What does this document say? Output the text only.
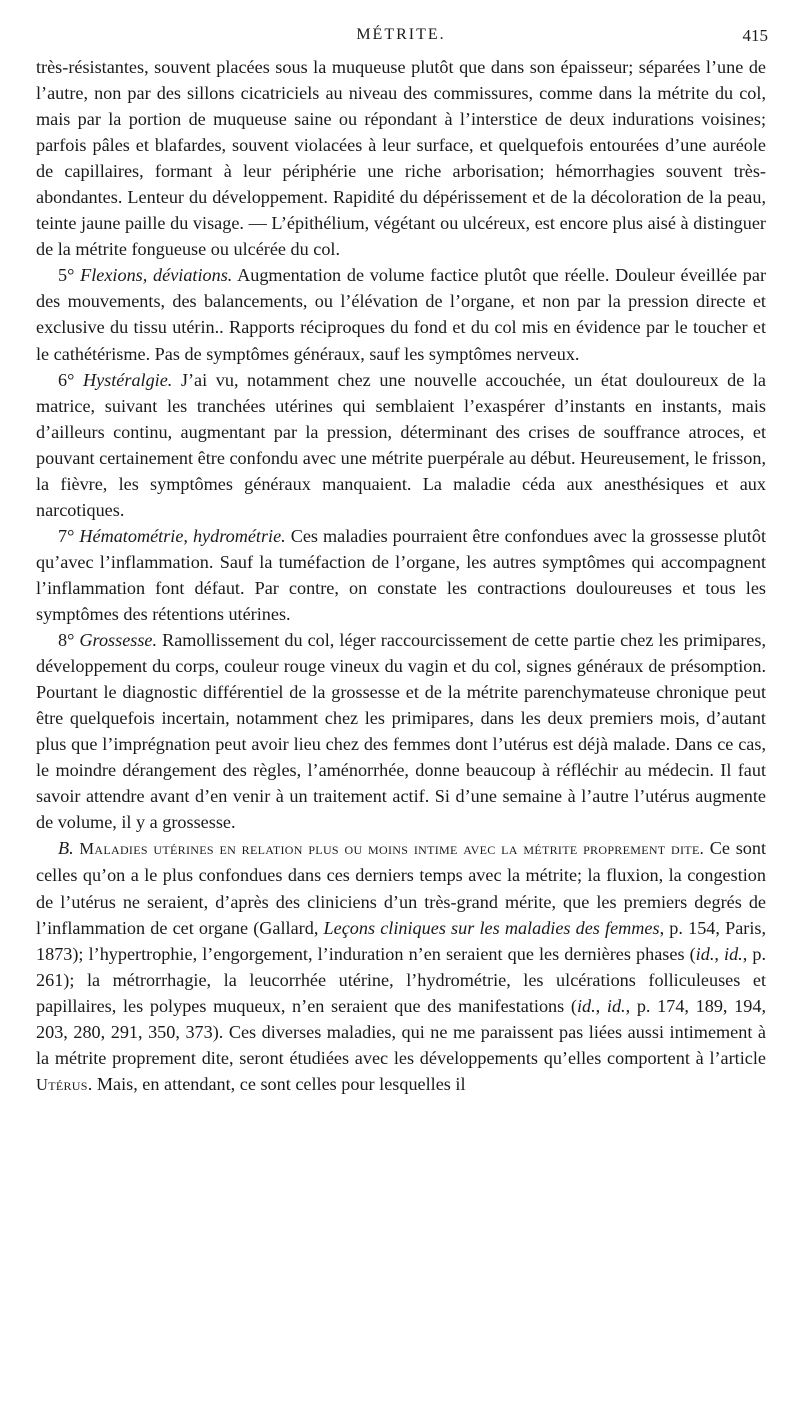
MÉTRITE.	415

très-résistantes, souvent placées sous la muqueuse plutôt que dans son épaisseur; séparées l’une de l’autre, non par des sillons cicatriciels au niveau des commissures, comme dans la métrite du col, mais par la portion de muqueuse saine ou répondant à l’interstice de deux indurations voisines; parfois pâles et blafardes, souvent violacées à leur surface, et quelquefois entourées d’une auréole de capillaires, formant à leur périphérie une riche arborisation; hémorrhagies souvent très-abondantes. Lenteur du développement. Rapidité du dépérissement et de la décoloration de la peau, teinte jaune paille du visage. — L’épithélium, végétant ou ulcéreux, est encore plus aisé à distinguer de la métrite fongueuse ou ulcérée du col.

5° Flexions, déviations. Augmentation de volume factice plutôt que réelle. Douleur éveillée par des mouvements, des balancements, ou l’élévation de l’organe, et non par la pression directe et exclusive du tissu utérin.. Rapports réciproques du fond et du col mis en évidence par le toucher et le cathétérisme. Pas de symptômes généraux, sauf les symptômes nerveux.

6° Hystéralgie. J’ai vu, notamment chez une nouvelle accouchée, un état douloureux de la matrice, suivant les tranchées utérines qui semblaient l’exaspérer d’instants en instants, mais d’ailleurs continu, augmentant par la pression, déterminant des crises de souffrance atroces, et pouvant certainement être confondu avec une métrite puerpérale au début. Heureusement, le frisson, la fièvre, les symptômes généraux manquaient. La maladie céda aux anesthésiques et aux narcotiques.

7° Hématométrie, hydrométrie. Ces maladies pourraient être confondues avec la grossesse plutôt qu’avec l’inflammation. Sauf la tuméfaction de l’organe, les autres symptômes qui accompagnent l’inflammation font défaut. Par contre, on constate les contractions douloureuses et tous les symptômes des rétentions utérines.

8° Grossesse. Ramollissement du col, léger raccourcissement de cette partie chez les primipares, développement du corps, couleur rouge vineux du vagin et du col, signes généraux de présomption. Pourtant le diagnostic différentiel de la grossesse et de la métrite parenchymateuse chronique peut être quelquefois incertain, notamment chez les primipares, dans les deux premiers mois, d’autant plus que l’imprégnation peut avoir lieu chez des femmes dont l’utérus est déjà malade. Dans ce cas, le moindre dérangement des règles, l’aménorrhée, donne beaucoup à réfléchir au médecin. Il faut savoir attendre avant d’en venir à un traitement actif. Si d’une semaine à l’autre l’utérus augmente de volume, il y a grossesse.

B. Maladies utérines en relation plus ou moins intime avec la métrite proprement dite. Ce sont celles qu’on a le plus confondues dans ces derniers temps avec la métrite; la fluxion, la congestion de l’utérus ne seraient, d’après des cliniciens d’un très-grand mérite, que les premiers degrés de l’inflammation de cet organe (Gallard, Leçons cliniques sur les maladies des femmes, p. 154, Paris, 1873); l’hypertrophie, l’engorgement, l’induration n’en seraient que les dernières phases (id., id., p. 261); la métrorrhagie, la leucorrhée utérine, l’hydrométrie, les ulcérations folliculeuses et papillaires, les polypes muqueux, n’en seraient que des manifestations (id., id., p. 174, 189, 194, 203, 280, 291, 350, 373). Ces diverses maladies, qui ne me paraissent pas liées aussi intimement à la métrite proprement dite, seront étudiées avec les développements qu’elles comportent à l’article Utérus. Mais, en attendant, ce sont celles pour lesquelles il
